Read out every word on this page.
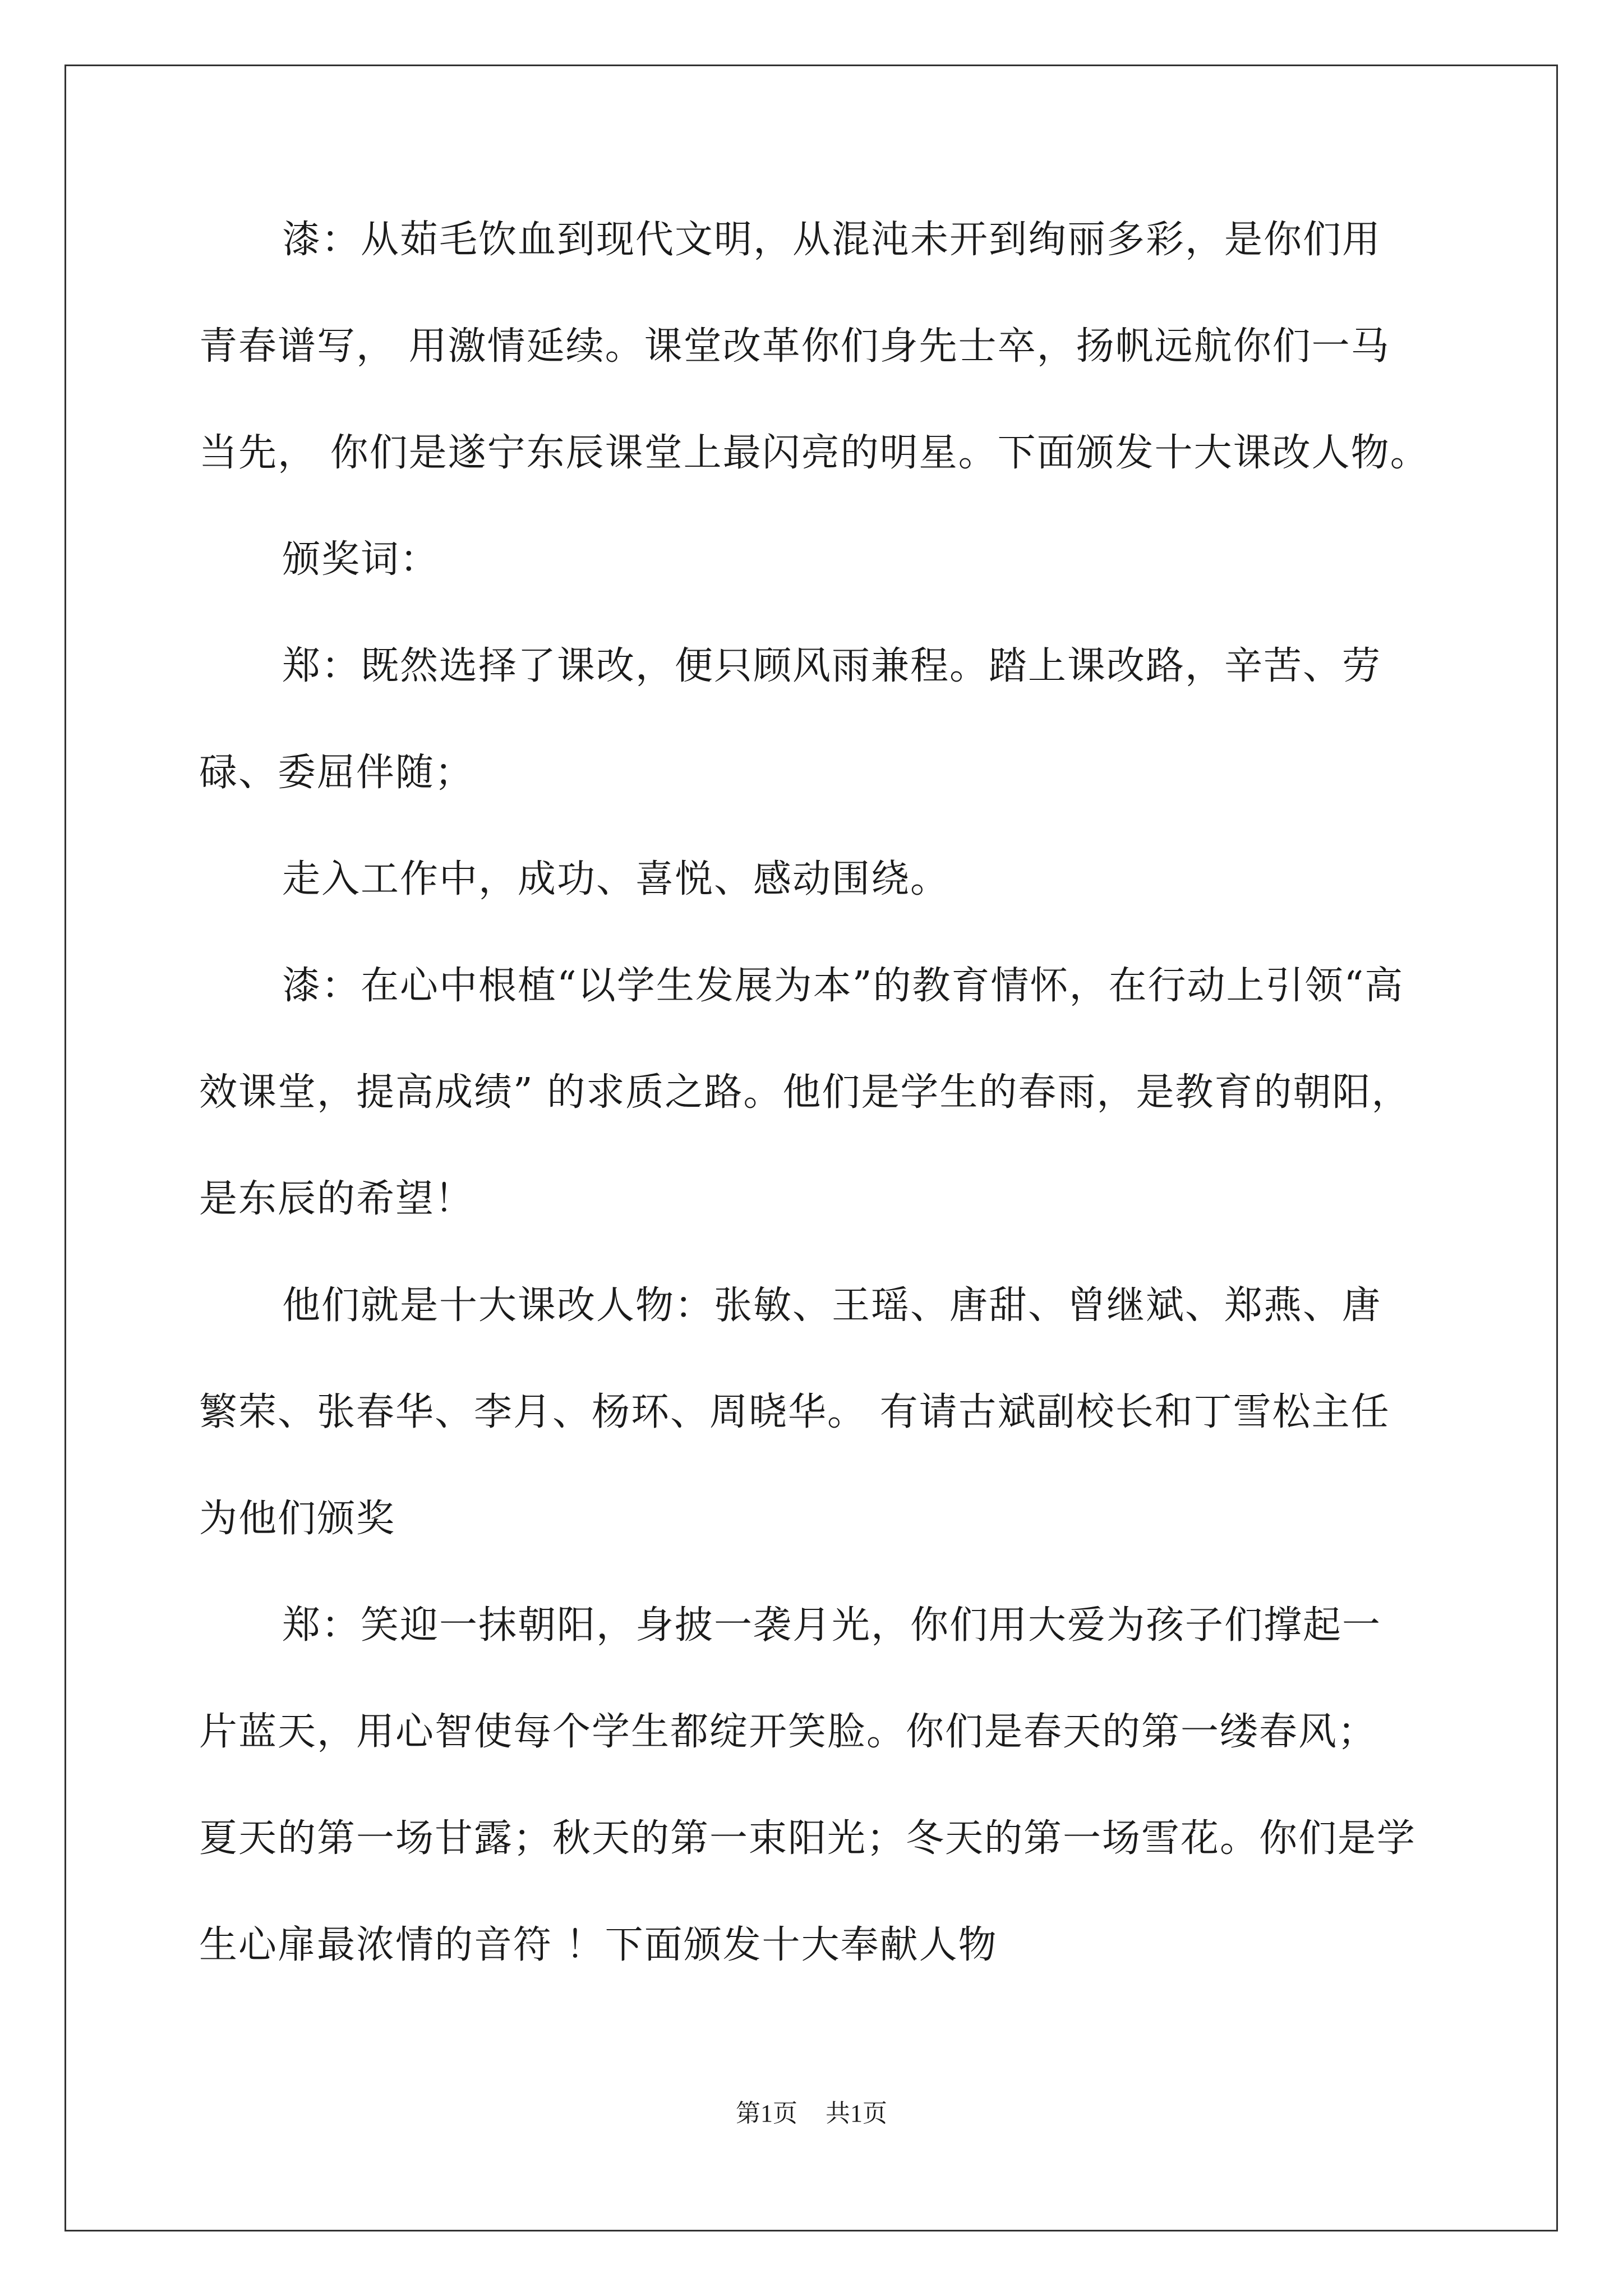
漆：从茹毛饮血到现代文明，从混沌未开到绚丽多彩，是你们用
青春谱写， 用激情延续。课堂改革你们身先士卒，扬帆远航你们一马
当先， 你们是遂宁东辰课堂上最闪亮的明星。下面颁发十大课改人物。
颁奖词：
郑：既然选择了课改，便只顾风雨兼程。踏上课改路，辛苦、劳
碌、委屈伴随；
走入工作中，成功、喜悦、感动围绕。
漆：在心中根植“以学生发展为本”的教育情怀，在行动上引领“高
效课堂，提高成绩” 的求质之路。他们是学生的春雨，是教育的朝阳，
是东辰的希望！
他们就是十大课改人物：张敏、王瑶、唐甜、曾继斌、郑燕、唐
繁荣、张春华、李月、杨环、周晓华。 有请古斌副校长和丁雪松主任
为他们颁奖
郑：笑迎一抹朝阳，身披一袭月光，你们用大爱为孩子们撑起一
片蓝天，用心智使每个学生都绽开笑脸。你们是春天的第一缕春风；
夏天的第一场甘露；秋天的第一束阳光；冬天的第一场雪花。你们是学
生心扉最浓情的音符 ！下面颁发十大奉献人物
第1页 共1页
